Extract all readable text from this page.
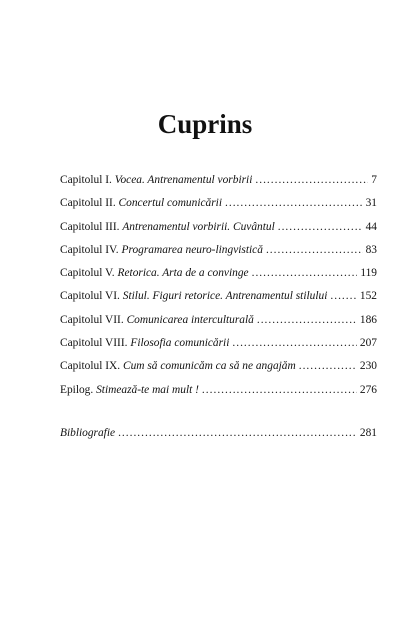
Cuprins
Capitolul I. Vocea. Antrenamentul vorbirii .....	7
Capitolul II. Concertul comunicării .....	31
Capitolul III. Antrenamentul vorbirii. Cuvântul .....	44
Capitolul IV. Programarea neuro-lingvistică .....	83
Capitolul V. Retorica. Arta de a convinge .....	119
Capitolul VI. Stilul. Figuri retorice. Antrenamentul stilului .....	152
Capitolul VII. Comunicarea interculturală .....	186
Capitolul VIII. Filosofia comunicării .....	207
Capitolul IX. Cum să comunicăm ca să ne angajăm .....	230
Epilog. Stimează-te mai mult ! .....	276
Bibliografie .....	281
